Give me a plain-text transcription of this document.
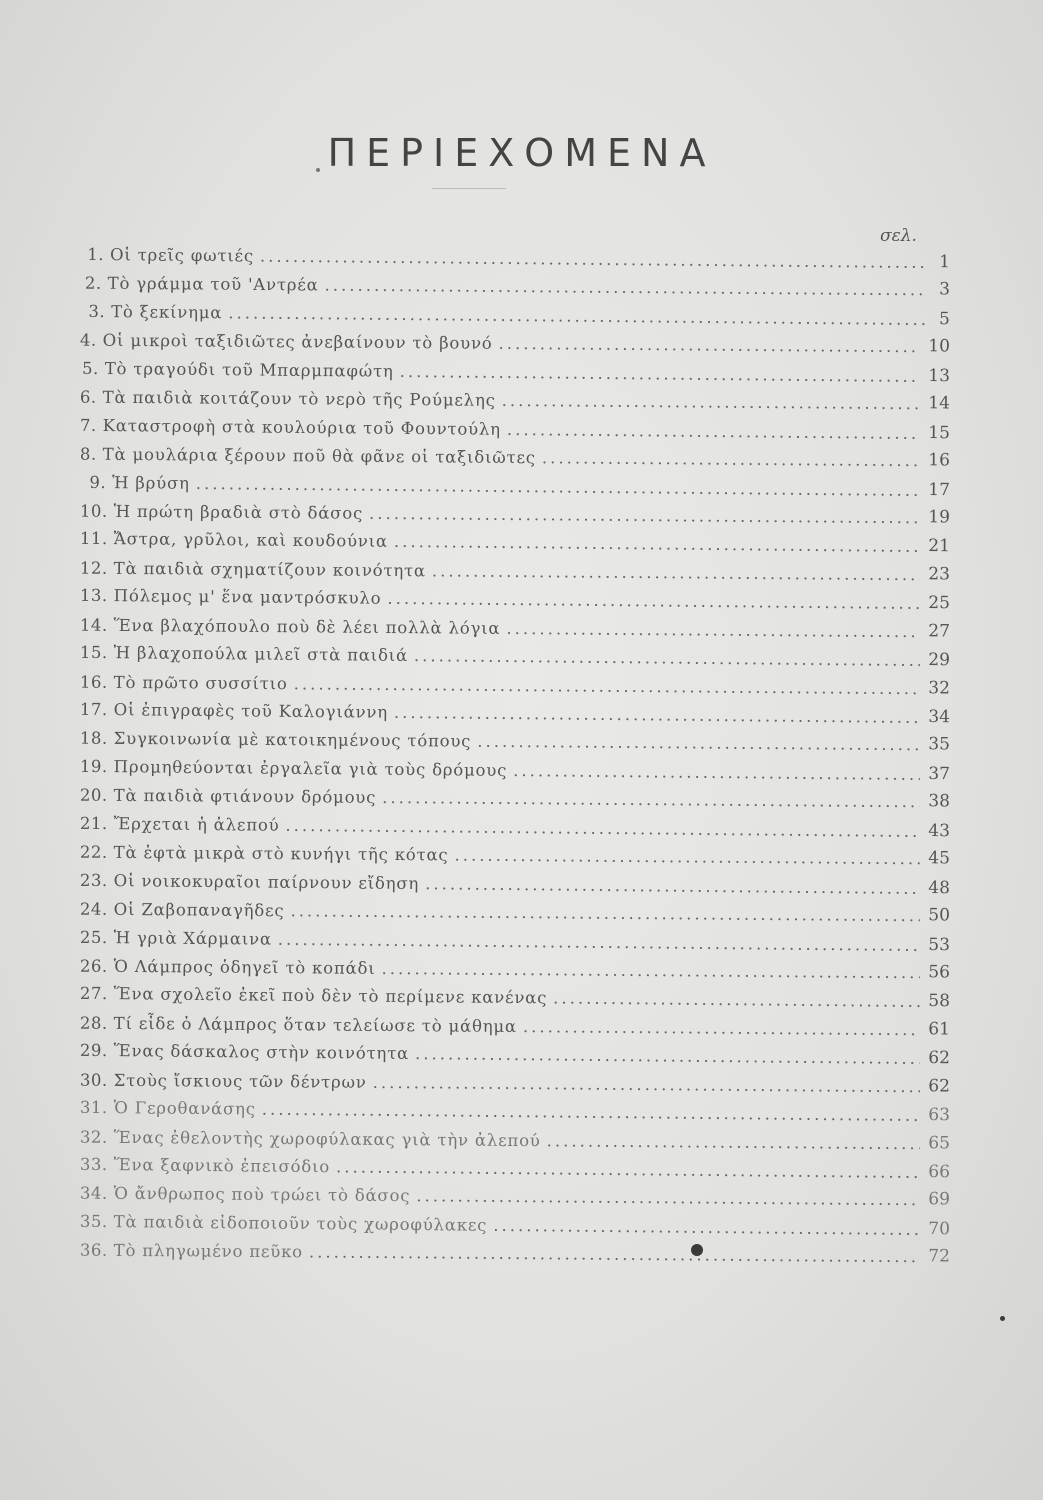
ΠΕΡΙΕΧΟΜΕΝΑ
σελ.
1. Οἱ τρεῖς φωτιές .....	1
2. Τὸ γράμμα τοῦ 'Αντρέα .....	3
3. Τὸ ξεκίνημα .....	5
4. Οἱ μικροὶ ταξιδιῶτες ἀνεβαίνουν τὸ βουνό .....	10
5. Τὸ τραγούδι τοῦ Μπαρμπαφώτη .....	13
6. Τὰ παιδιὰ κοιτάζουν τὸ νερὸ τῆς Ρούμελης .....	14
7. Καταστροφὴ στὰ κουλούρια τοῦ Φουντούλη .....	15
8. Τὰ μουλάρια ξέρουν ποῦ θὰ φᾶνε οἱ ταξιδιῶτες .....	16
9. Ἡ βρύση .....	17
10. Ἡ πρώτη βραδιὰ στὸ δάσος .....	19
11. Ἄστρα, γρῦλοι, καὶ κουδούνια .....	21
12. Τὰ παιδιὰ σχηματίζουν κοινότητα .....	23
13. Πόλεμος μ' ἕνα μαντρόσκυλο .....	25
14. Ἕνα βλαχόπουλο ποὺ δὲ λέει πολλὰ λόγια .....	27
15. Ἡ βλαχοπούλα μιλεῖ στὰ παιδιά .....	29
16. Τὸ πρῶτο συσσίτιο .....	32
17. Οἱ ἐπιγραφὲς τοῦ Καλογιάννη .....	34
18. Συγκοινωνία μὲ κατοικημένους τόπους .....	35
19. Προμηθεύονται ἐργαλεῖα γιὰ τοὺς δρόμους .....	37
20. Τὰ παιδιὰ φτιάνουν δρόμους .....	38
21. Ἔρχεται ἡ ἀλεπού .....	43
22. Τὰ ἑφτὰ μικρὰ στὸ κυνήγι τῆς κότας .....	45
23. Οἱ νοικοκυραῖοι παίρνουν εἴδηση .....	48
24. Οἱ Ζαβοπαναγῆδες .....	50
25. Ἡ γριὰ Χάρμαινα .....	53
26. Ὁ Λάμπρος ὁδηγεῖ τὸ κοπάδι .....	56
27. Ἕνα σχολεῖο ἐκεῖ ποὺ δὲν τὸ περίμενε κανένας .....	58
28. Τί εἶδε ὁ Λάμπρος ὅταν τελείωσε τὸ μάθημα .....	61
29. Ἕνας δάσκαλος στὴν κοινότητα .....	62
30. Στοὺς ἴσκιους τῶν δέντρων .....	62
31. Ὁ Γεροθανάσης .....	63
32. Ἕνας ἐθελοντὴς χωροφύλακας γιὰ τὴν ἀλεπού .....	65
33. Ἕνα ξαφνικὸ ἐπεισόδιο .....	66
34. Ὁ ἄνθρωπος ποὺ τρώει τὸ δάσος .....	69
35. Τὰ παιδιὰ εἰδοποιοῦν τοὺς χωροφύλακες .....	70
36. Τὸ πληγωμένο πεῦκο .....	72
